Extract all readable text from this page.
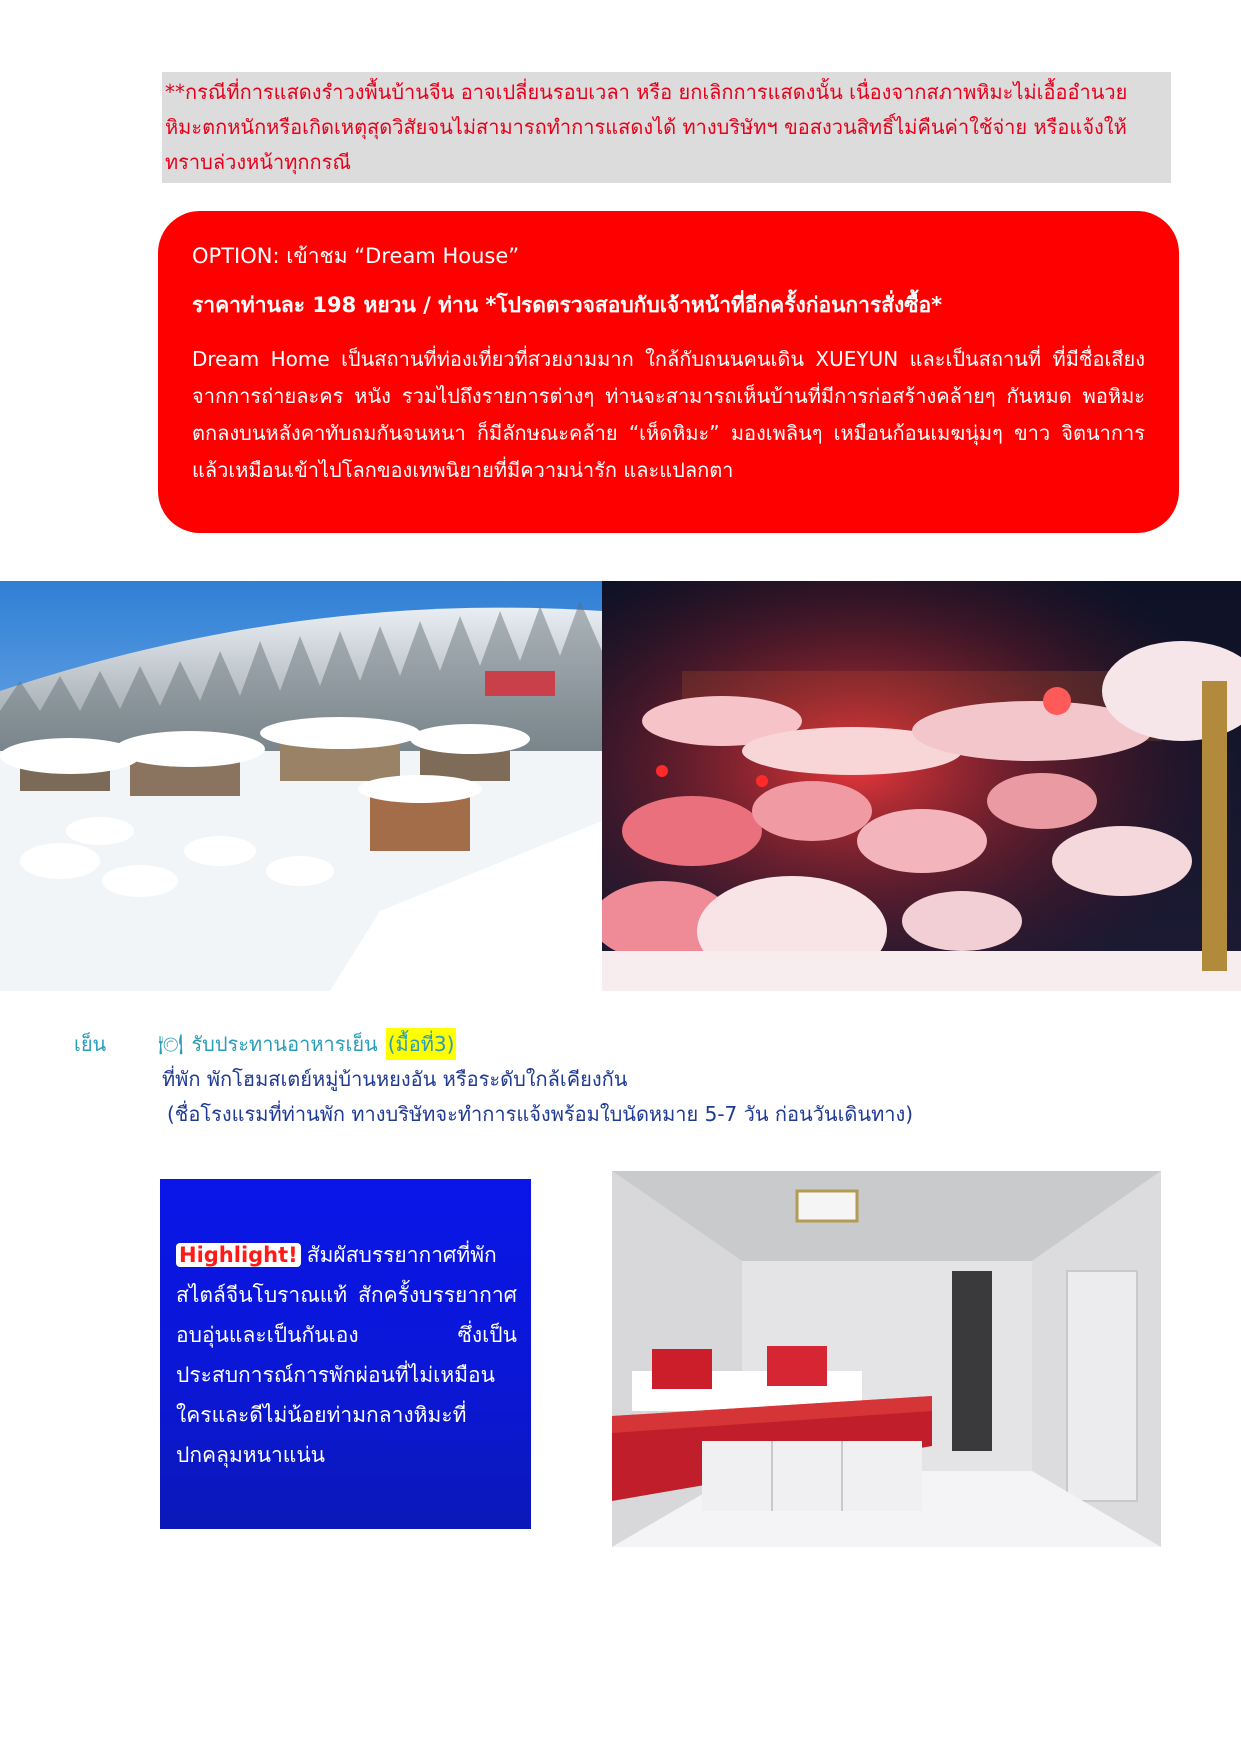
**กรณีที่การแสดงรำวงพื้นบ้านจีน อาจเปลี่ยนรอบเวลา หรือ ยกเลิกการแสดงนั้น เนื่องจากสภาพหิมะไม่เอื้ออำนวย หิมะตกหนักหรือเกิดเหตุสุดวิสัยจนไม่สามารถทำการแสดงได้ ทางบริษัทฯ ขอสงวนสิทธิ์ไม่คืนค่าใช้จ่าย หรือแจ้งให้ทราบล่วงหน้าทุกกรณี
OPTION: เข้าชม “Dream House”
ราคาท่านละ 198 หยวน / ท่าน *โปรดตรวจสอบกับเจ้าหน้าที่อีกครั้งก่อนการสั่งซื้อ*

Dream Home เป็นสถานที่ท่องเที่ยวที่สวยงามมาก ใกล้กับถนนคนเดิน XUEYUN และเป็นสถานที่ ที่มีชื่อเสียงจากการถ่ายละคร หนัง รวมไปถึงรายการต่างๆ ท่านจะสามารถเห็นบ้านที่มีการก่อสร้างคล้ายๆ กันหมด พอหิมะตกลงบนหลังคาทับถมกันจนหนา ก็มีลักษณะคล้าย “เห็ดหิมะ” มองเพลินๆ เหมือนก้อนเมฆนุ่มๆ ขาว จิตนาการแล้วเหมือนเข้าไปโลกของเทพนิยายที่มีความน่ารัก และแปลกตา

เย็น	🍽 รับประทานอาหารเย็น (มื้อที่3)
ที่พัก พักโฮมสเตย์หมู่บ้านหยงอัน หรือระดับใกล้เคียงกัน
(ชื่อโรงแรมที่ท่านพัก ทางบริษัทจะทำการแจ้งพร้อมใบนัดหมาย 5-7 วัน ก่อนวันเดินทาง)
Highlight! สัมผัสบรรยากาศที่พักสไตล์จีนโบราณแท้ สักครั้งบรรยากาศอบอุ่นและเป็นกันเอง ซึ่งเป็นประสบการณ์การพักผ่อนที่ไม่เหมือนใครและดีไม่น้อยท่ามกลางหิมะที่ปกคลุมหนาแน่น
